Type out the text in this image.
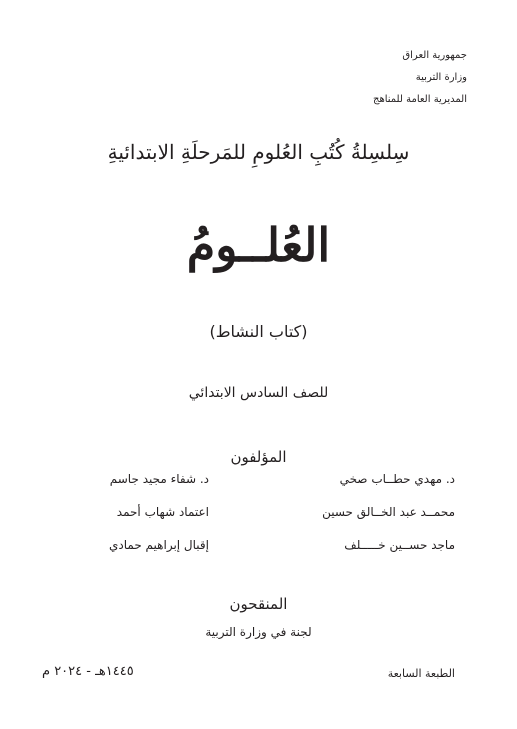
جمهورية العراق
وزارة التربية
المديرية العامة للمناهج
سِلسِلةُ كُتُبِ العُلومِ للمَرحلَةِ الابتدائيةِ
العُلــومُ
(كتاب النشاط)
للصف السادس الابتدائي
المؤلفون
د. مهدي حطــاب صخي
د. شفاء مجيد جاسم
محمــد عبد الخــالق حسين
اعتماد شهاب أحمد
ماجد حســين خـــــلف
إقبال إبراهيم حمادي
المنقحون
لجنة في وزارة التربية
الطبعة السابعة
١٤٤٥هـ - ٢٠٢٤ م
